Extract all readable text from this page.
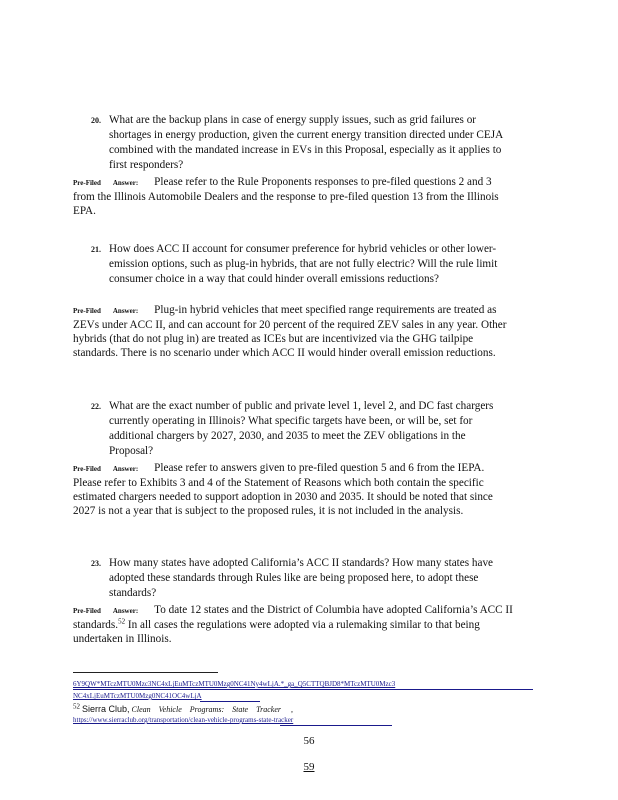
20. What are the backup plans in case of energy supply issues, such as grid failures or shortages in energy production, given the current energy transition directed under CEJA combined with the mandated increase in EVs in this Proposal, especially as it applies to first responders?
Pre-Filed Answer: Please refer to the Rule Proponents responses to pre-filed questions 2 and 3 from the Illinois Automobile Dealers and the response to pre-filed question 13 from the Illinois EPA.
21. How does ACC II account for consumer preference for hybrid vehicles or other lower-emission options, such as plug-in hybrids, that are not fully electric? Will the rule limit consumer choice in a way that could hinder overall emissions reductions?
Pre-Filed Answer: Plug-in hybrid vehicles that meet specified range requirements are treated as ZEVs under ACC II, and can account for 20 percent of the required ZEV sales in any year. Other hybrids (that do not plug in) are treated as ICEs but are incentivized via the GHG tailpipe standards. There is no scenario under which ACC II would hinder overall emission reductions.
22. What are the exact number of public and private level 1, level 2, and DC fast chargers currently operating in Illinois? What specific targets have been, or will be, set for additional chargers by 2027, 2030, and 2035 to meet the ZEV obligations in the Proposal?
Pre-Filed Answer: Please refer to answers given to pre-filed question 5 and 6 from the IEPA. Please refer to Exhibits 3 and 4 of the Statement of Reasons which both contain the specific estimated chargers needed to support adoption in 2030 and 2035. It should be noted that since 2027 is not a year that is subject to the proposed rules, it is not included in the analysis.
23. How many states have adopted California’s ACC II standards? How many states have adopted these standards through Rules like are being proposed here, to adopt these standards?
Pre-Filed Answer: To date 12 states and the District of Columbia have adopted California’s ACC II standards.$^{52}$ In all cases the regulations were adopted via a rulemaking similar to that being undertaken in Illinois.
6Y9QW*MTczMTU0Mzc3NC4xLjEuMTczMTU0Mzg0NC41Ny4wLjA.*_ga_Q5CTTQBJD8*MTczMTU0Mzc3
NC4xLjEuMTczMTU0Mzg0NC41OC4wLjA
52 Sierra Club, Clean    Vehicle    Programs:    State    Tracker ,
https://www.sierraclub.org/transportation/clean-vehicle-programs-state-tracker
56
59
